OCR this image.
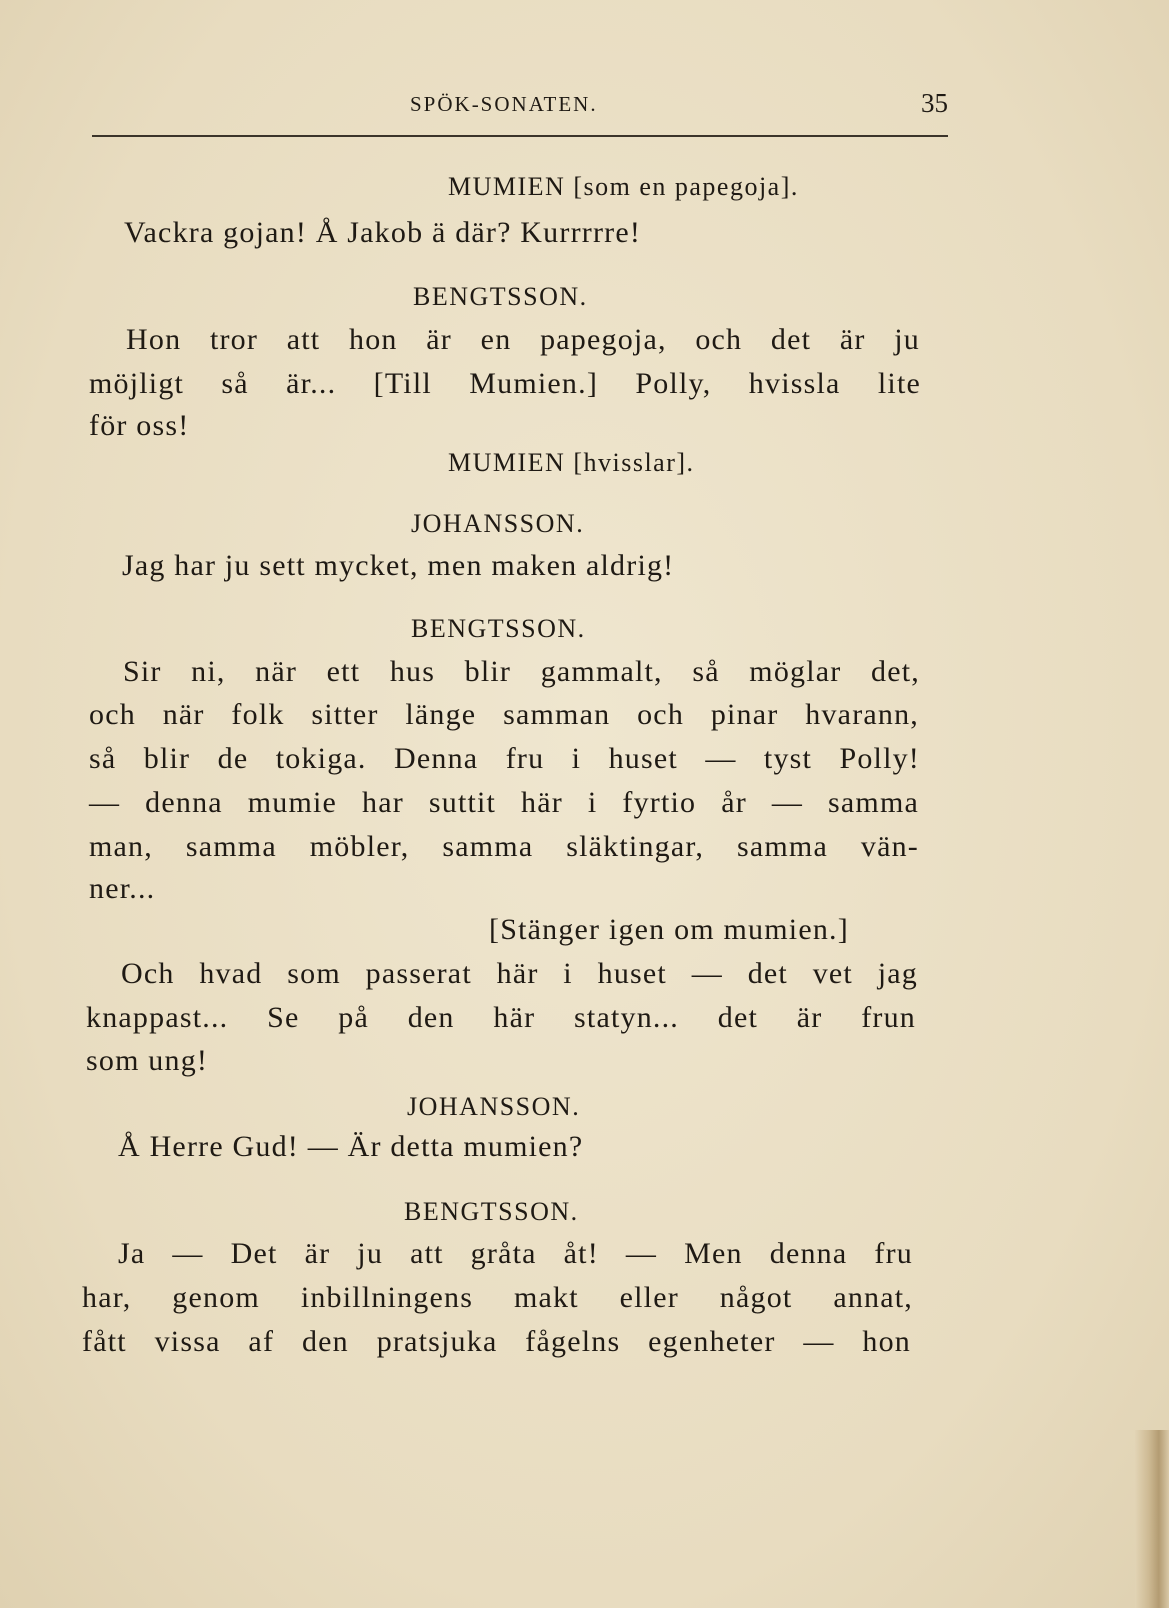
SPÖK-SONATEN.	35
MUMIEN [som en papegoja].
Vackra gojan! Å Jakob ä där? Kurrrrre!
BENGTSSON.
Hon tror att hon är en papegoja, och det är ju
möjligt så är... [Till Mumien.] Polly, hvissla lite
för oss!
MUMIEN [hvisslar].
JOHANSSON.
Jag har ju sett mycket, men maken aldrig!
BENGTSSON.
Sir ni, när ett hus blir gammalt, så möglar det,
och när folk sitter länge samman och pinar hvarann,
så blir de tokiga. Denna fru i huset — tyst Polly!
— denna mumie har suttit här i fyrtio år — samma
man, samma möbler, samma släktingar, samma vän-
ner...
[Stänger igen om mumien.]
Och hvad som passerat här i huset — det vet jag
knappast... Se på den här statyn... det är frun
som ung!
JOHANSSON.
Å Herre Gud! — Är detta mumien?
BENGTSSON.
Ja — Det är ju att gråta åt! — Men denna fru
har, genom inbillningens makt eller något annat,
fått vissa af den pratsjuka fågelns egenheter — hon
